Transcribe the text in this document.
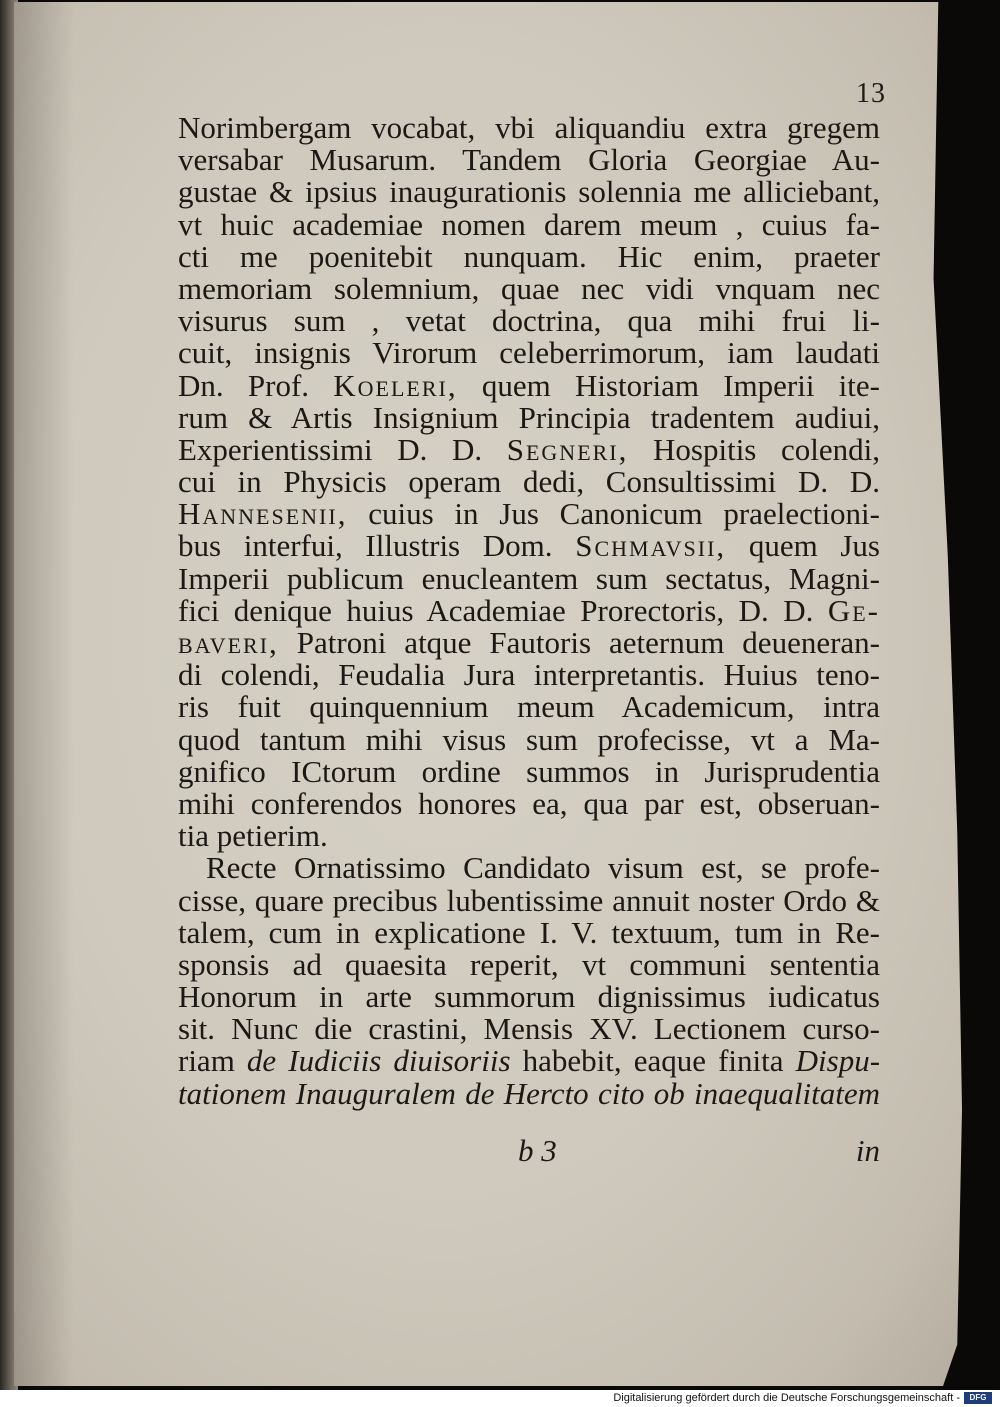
13
Norimbergam vocabat, vbi aliquandiu extra gregem
versabar Musarum. Tandem Gloria Georgiae Au-
gustae & ipsius inaugurationis solennia me alliciebant,
vt huic academiae nomen darem meum , cuius fa-
cti me poenitebit nunquam. Hic enim, praeter
memoriam solemnium, quae nec vidi vnquam nec
visurus sum , vetat doctrina, qua mihi frui li-
cuit, insignis Virorum celeberrimorum, iam laudati
Dn. Prof. Koeleri, quem Historiam Imperii ite-
rum & Artis Insignium Principia tradentem audiui,
Experientissimi D. D. Segneri, Hospitis colendi,
cui in Physicis operam dedi, Consultissimi D. D.
Hannesenii, cuius in Jus Canonicum praelectioni-
bus interfui, Illustris Dom. Schmavsii, quem Jus
Imperii publicum enucleantem sum sectatus, Magni-
fici denique huius Academiae Prorectoris, D. D. Ge-
baveri, Patroni atque Fautoris aeternum deueneran-
di colendi, Feudalia Jura interpretantis. Huius teno-
ris fuit quinquennium meum Academicum, intra
quod tantum mihi visus sum profecisse, vt a Ma-
gnifico ICtorum ordine summos in Jurisprudentia
mihi conferendos honores ea, qua par est, obseruan-
tia petierim.
Recte Ornatissimo Candidato visum est, se profe-
cisse, quare precibus lubentissime annuit noster Ordo &
talem, cum in explicatione I. V. textuum, tum in Re-
sponsis ad quaesita reperit, vt communi sententia
Honorum in arte summorum dignissimus iudicatus
sit. Nunc die crastini, Mensis XV. Lectionem curso-
riam de Iudiciis diuisoriis habebit, eaque finita Dispu-
tationem Inauguralem de Hercto cito ob inaequalitatem
b 3	in
Digitalisierung gefördert durch die Deutsche Forschungsgemeinschaft -	DFG
